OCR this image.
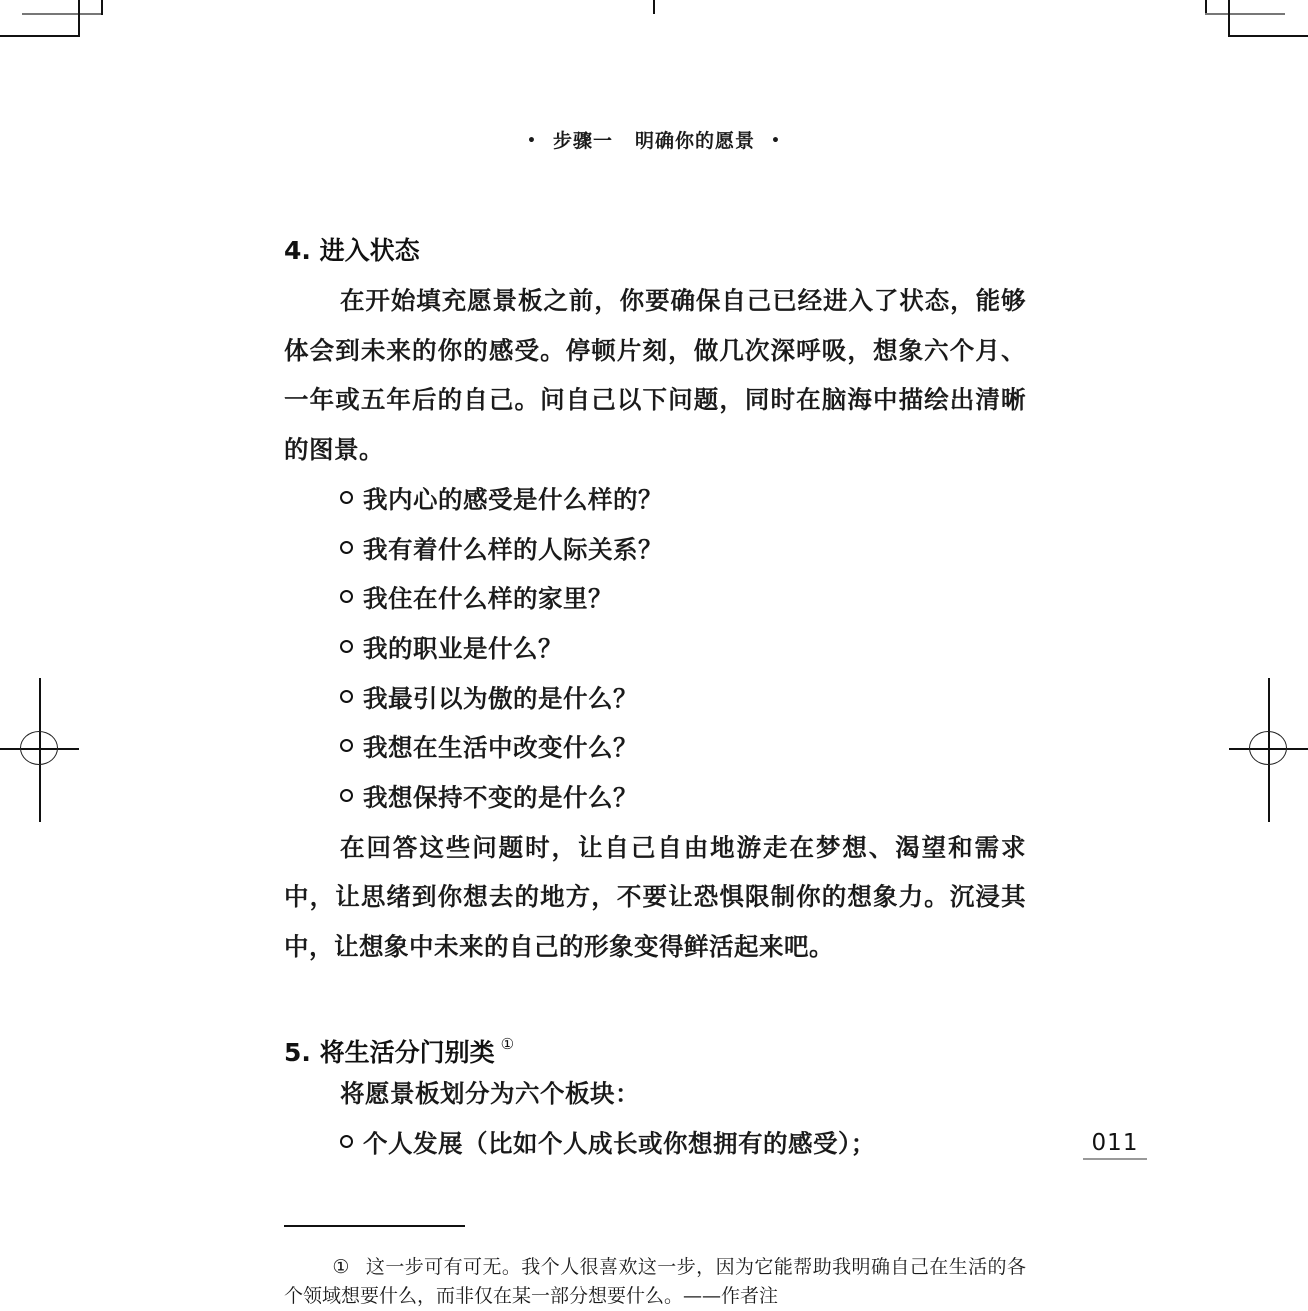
• 步骤一 明确你的愿景 •
4. 进入状态

在开始填充愿景板之前，你要确保自己已经进入了状态，能够体会到未来的你的感受。停顿片刻，做几次深呼吸，想象六个月、一年或五年后的自己。问自己以下问题，同时在脑海中描绘出清晰的图景。

我内心的感受是什么样的？
我有着什么样的人际关系？
我住在什么样的家里？
我的职业是什么？
我最引以为傲的是什么？
我想在生活中改变什么？
我想保持不变的是什么？

在回答这些问题时，让自己自由地游走在梦想、渴望和需求中，让思绪到你想去的地方，不要让恐惧限制你的想象力。沉浸其中，让想象中未来的自己的形象变得鲜活起来吧。

5. 将生活分门别类 ①

将愿景板划分为六个板块：

个人发展（比如个人成长或你想拥有的感受）；	011
① 这一步可有可无。我个人很喜欢这一步，因为它能帮助我明确自己在生活的各个领域想要什么，而非仅在某一部分想要什么。——作者注
